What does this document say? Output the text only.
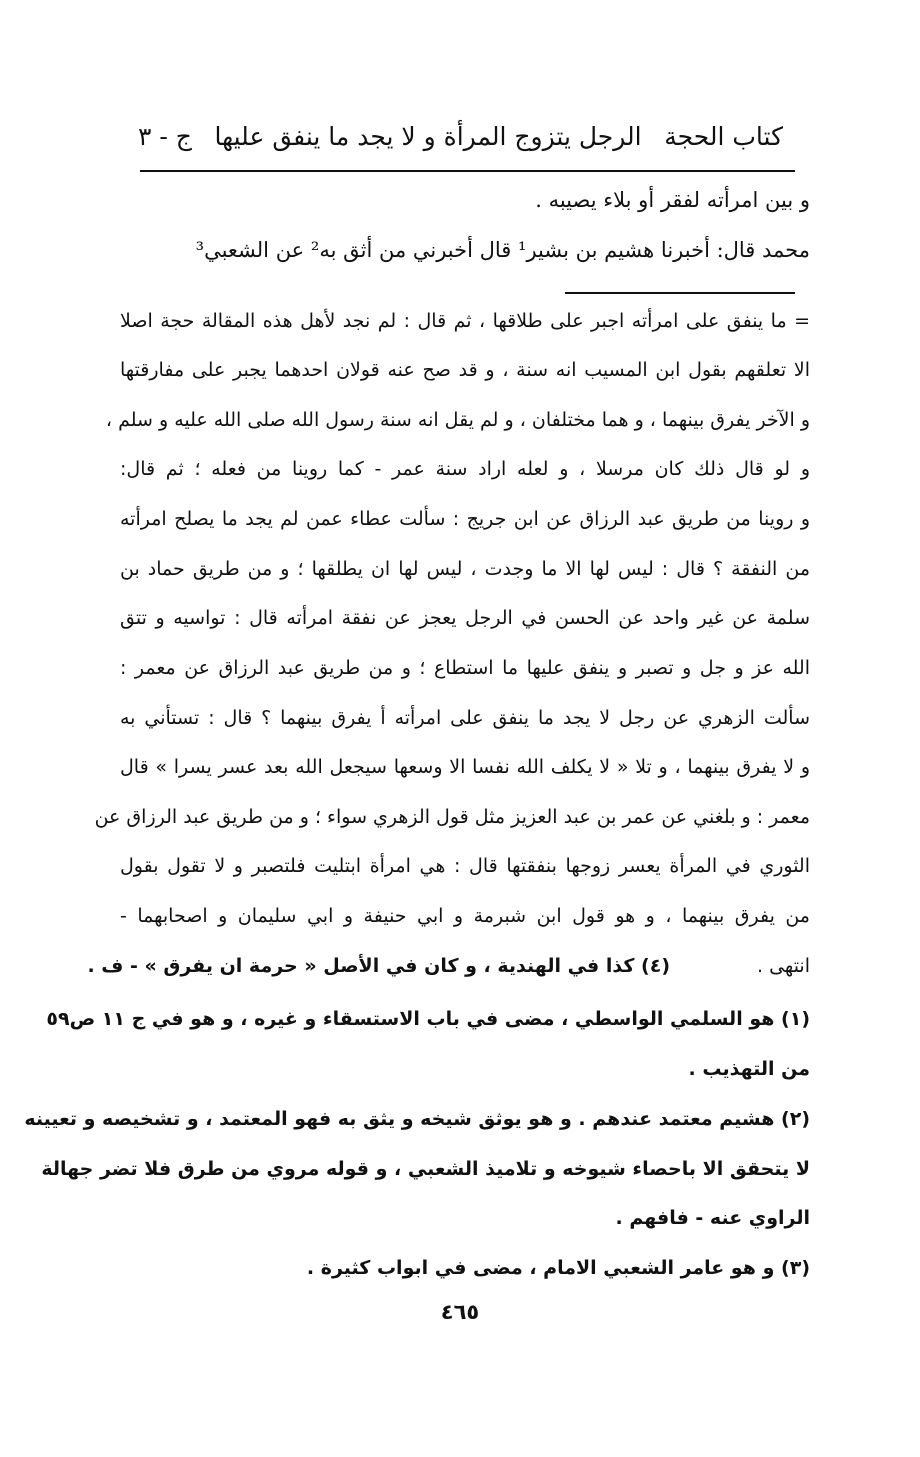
كتاب الحجة
الرجل يتزوج المرأة و لا يجد ما ينفق عليها
ج - ٣
و بين امرأته لفقر أو بلاء يصيبه .
محمد قال: أخبرنا هشيم بن بشير¹ قال أخبرني من أثق به² عن الشعبي³
= ما ينفق على امرأته اجبر على طلاقها ، ثم قال : لم نجد لأهل هذه المقالة حجة اصلا
الا تعلقهم بقول ابن المسيب انه سنة ، و قد صح عنه قولان احدهما يجبر على مفارقتها
و الآخر يفرق بينهما ، و هما مختلفان ، و لم يقل انه سنة رسول الله صلى الله عليه و سلم ،
و لو قال ذلك كان مرسلا ، و لعله اراد سنة عمر - كما روينا من فعله ؛ ثم قال:
و روينا من طريق عبد الرزاق عن ابن جريج : سألت عطاء عمن لم يجد ما يصلح امرأته
من النفقة ؟ قال : ليس لها الا ما وجدت ، ليس لها ان يطلقها ؛ و من طريق حماد بن
سلمة عن غير واحد عن الحسن في الرجل يعجز عن نفقة امرأته قال : تواسيه و تتق
الله عز و جل و تصبر و ينفق عليها ما استطاع ؛ و من طريق عبد الرزاق عن معمر :
سألت الزهري عن رجل لا يجد ما ينفق على امرأته أ يفرق بينهما ؟ قال : تستأني به
و لا يفرق بينهما ، و تلا « لا يكلف الله نفسا الا وسعها سيجعل الله بعد عسر يسرا » قال
معمر : و بلغني عن عمر بن عبد العزيز مثل قول الزهري سواء ؛ و من طريق عبد الرزاق عن
الثوري في المرأة يعسر زوجها بنفقتها قال : هي امرأة ابتليت فلتصبر و لا تقول بقول
من يفرق بينهما ، و هو قول ابن شبرمة و ابي حنيفة و ابي سليمان و اصحابهما -
انتهى .
(٤) كذا في الهندية ، و كان في الأصل « حرمة ان يفرق » - ف .
(١) هو السلمي الواسطي ، مضى في باب الاستسقاء و غيره ، و هو في ج ١١ ص٥٩
من التهذيب .
(٢) هشيم معتمد عندهم . و هو يوثق شيخه و يثق به فهو المعتمد ، و تشخيصه و تعيينه
لا يتحقق الا باحصاء شيوخه و تلاميذ الشعبي ، و قوله مروي من طرق فلا تضر جهالة
الراوي عنه - فافهم .
(٣) و هو عامر الشعبي الامام ، مضى في ابواب كثيرة .
٤٦٥
